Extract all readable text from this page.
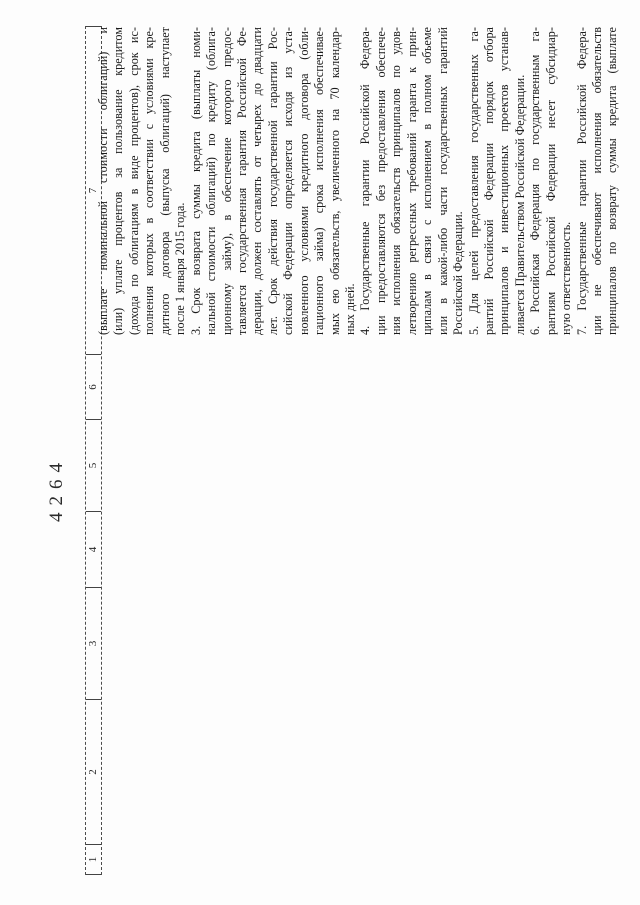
4264
1
2
3
4
5
6
7
(выплате
номинальной
стоимости
облигаций)
и
(или)
уплате
процентов
за
пользование
кредитом
(дохода
по
облигациям
в
виде
процентов),
срок
ис-
полнения
которых
в
соответствии
с
условиями
кре-
дитного
договора
(выпуска
облигаций)
наступает
после 1 января 2015 года. 3.
Срок
возврата
суммы
кредита
(выплаты
номи-
нальной
стоимости
облигаций)
по
кредиту
(облига-
ционному
займу),
в
обеспечение
которого
предос-
тавляется
государственная
гарантия
Российской
Фе-
дерации,
должен
составлять
от
четырех
до
двадцати
лет.
Срок
действия
государственной
гарантии
Рос-
сийской
Федерации
определяется
исходя
из
уста-
новленного
условиями
кредитного
договора
(обли-
гационного
займа)
срока
исполнения
обеспечивае-
мых
ею
обязательств,
увеличенного
на
70
календар-
ных дней. 4.
Государственные
гарантии
Российской
Федера-
ции
предоставляются
без
предоставления
обеспече-
ния
исполнения
обязательств
принципалов
по
удов-
летворению
регрессных
требований
гаранта
к
прин-
ципалам
в
связи
с
исполнением
в
полном
объеме
или
в
какой-либо
части
государственных
гарантий
Российской Федерации. 5.
Для
целей
предоставления
государственных
га-
рантий
Российской
Федерации
порядок
отбора
принципалов
и
инвестиционных
проектов
устанав-
ливается Правительством Российской Федерации. 6.
Российская
Федерация
по
государственным
га-
рантиям
Российской
Федерации
несет
субсидиар-
ную ответственность. 7.
Государственные
гарантии
Российской
Федера-
ции
не
обеспечивают
исполнения
обязательств
принципалов
по
возврату
суммы
кредита
(выплате
